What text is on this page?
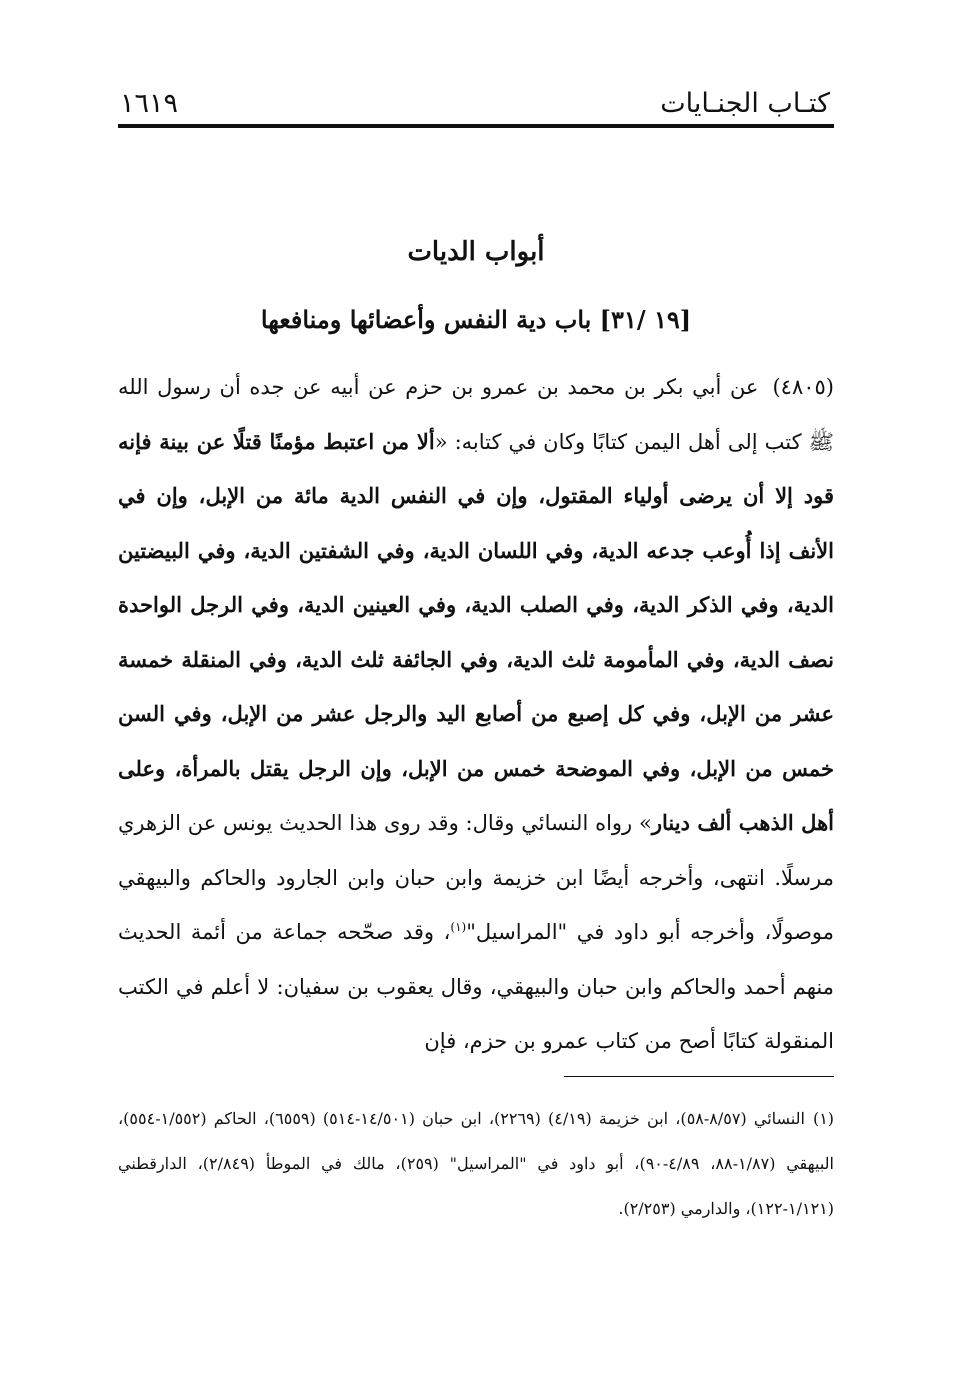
كتـاب الجنـايات
١٦١٩
أبواب الديات
[١٩ /٣١] باب دية النفس وأعضائها ومنافعها
(٤٨٠٥)عن أبي بكر بن محمد بن عمرو بن حزم عن أبيه عن جده أن رسول الله ﷺ كتب إلى أهل اليمن كتابًا وكان في كتابه: «ألا من اعتبط مؤمنًا قتلًا عن بينة فإنه قود إلا أن يرضى أولياء المقتول، وإن في النفس الدية مائة من الإبل، وإن في الأنف إذا أُوعب جدعه الدية، وفي اللسان الدية، وفي الشفتين الدية، وفي البيضتين الدية، وفي الذكر الدية، وفي الصلب الدية، وفي العينين الدية، وفي الرجل الواحدة نصف الدية، وفي المأمومة ثلث الدية، وفي الجائفة ثلث الدية، وفي المنقلة خمسة عشر من الإبل، وفي كل إصبع من أصابع اليد والرجل عشر من الإبل، وفي السن خمس من الإبل، وفي الموضحة خمس من الإبل، وإن الرجل يقتل بالمرأة، وعلى أهل الذهب ألف دينار» رواه النسائي وقال: وقد روى هذا الحديث يونس عن الزهري مرسلًا. انتهى، وأخرجه أيضًا ابن خزيمة وابن حبان وابن الجارود والحاكم والبيهقي موصولًا، وأخرجه أبو داود في "المراسيل"$^{(١)}$، وقد صحّحه جماعة من أئمة الحديث منهم أحمد والحاكم وابن حبان والبيهقي، وقال يعقوب بن سفيان: لا أعلم في الكتب المنقولة كتابًا أصح من كتاب عمرو بن حزم، فإن
(١)النسائي (٨/٥٧-٥٨)، ابن خزيمة (٤/١٩) (٢٢٦٩)، ابن حبان (١٤/٥٠١-٥١٤) (٦٥٥٩)، الحاكم (١/٥٥٢-٥٥٤)، البيهقي (١/٨٧-٨٨، ٤/٨٩-٩٠)، أبو داود في "المراسيل" (٢٥٩)، مالك في الموطأ (٢/٨٤٩)، الدارقطني (١/١٢١-١٢٢)، والدارمي (٢/٢٥٣).
